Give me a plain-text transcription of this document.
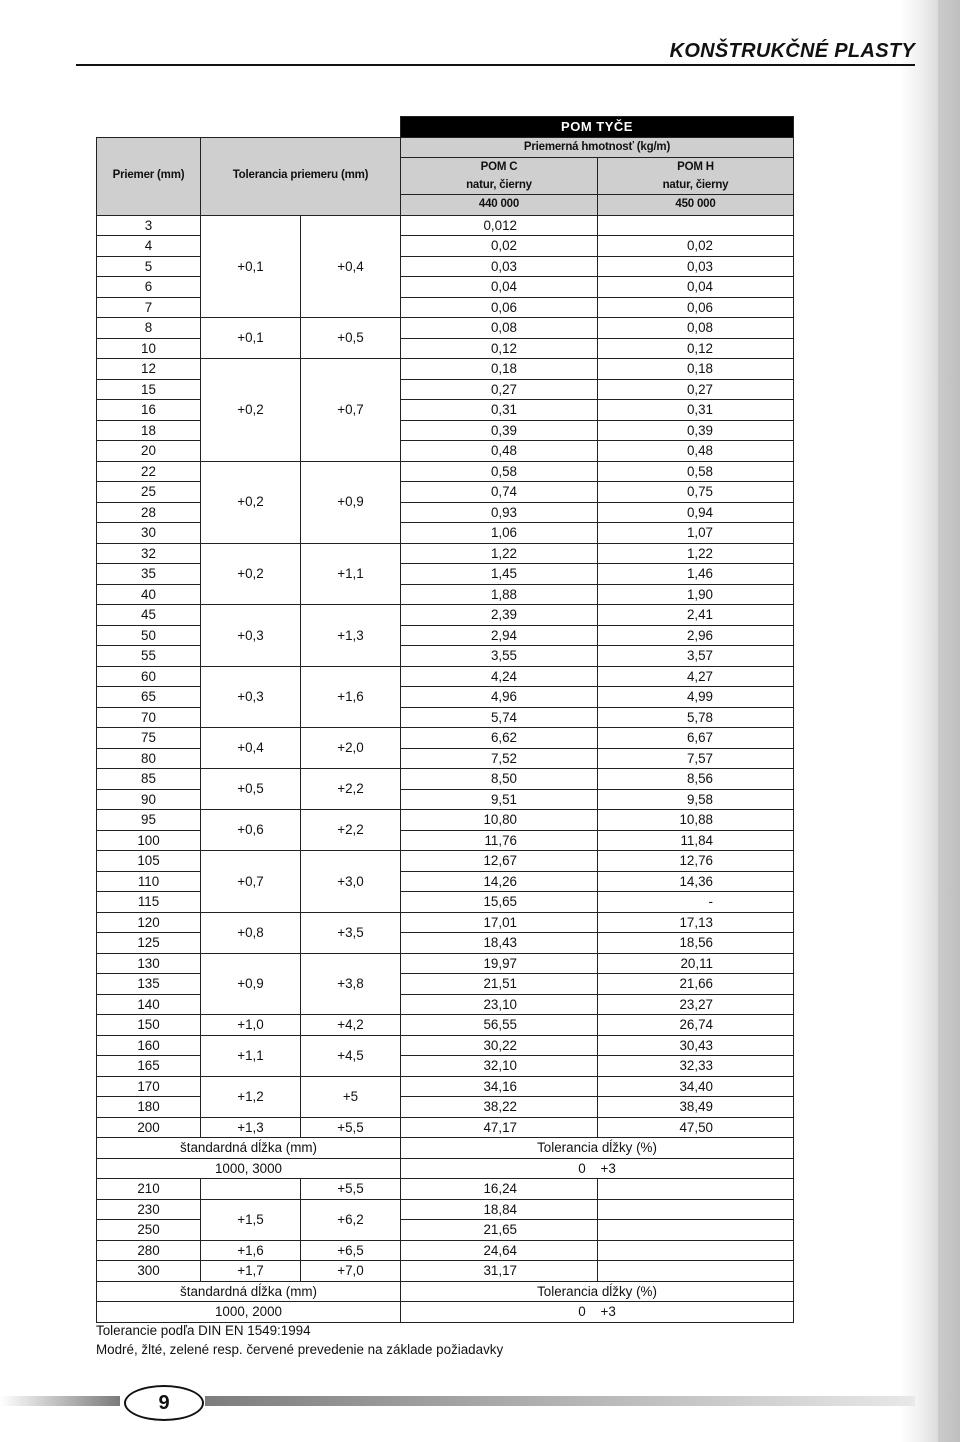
KONŠTRUKČNÉ PLASTY
			POM TYČE	
Priemer (mm)	Tolerancia priemeru (mm)		Priemerná hmotnosť (kg/m)	
			POM C	POM H
			natur, čierny	natur, čierny
			440 000	450 000
3	+0,1	+0,4	0,012	
4			0,02	0,02
5			0,03	0,03
6			0,04	0,04
7			0,06	0,06
8	+0,1	+0,5	0,08	0,08
10			0,12	0,12
12	+0,2	+0,7	0,18	0,18
15			0,27	0,27
16			0,31	0,31
18			0,39	0,39
20			0,48	0,48
22	+0,2	+0,9	0,58	0,58
25			0,74	0,75
28			0,93	0,94
30			1,06	1,07
32	+0,2	+1,1	1,22	1,22
35			1,45	1,46
40			1,88	1,90
45	+0,3	+1,3	2,39	2,41
50			2,94	2,96
55			3,55	3,57
60	+0,3	+1,6	4,24	4,27
65			4,96	4,99
70			5,74	5,78
75	+0,4	+2,0	6,62	6,67
80			7,52	7,57
85	+0,5	+2,2	8,50	8,56
90			9,51	9,58
95	+0,6	+2,2	10,80	10,88
100			11,76	11,84
105	+0,7	+3,0	12,67	12,76
110			14,26	14,36
115			15,65	-
120	+0,8	+3,5	17,01	17,13
125			18,43	18,56
130	+0,9	+3,8	19,97	20,11
135			21,51	21,66
140			23,10	23,27
150	+1,0	+4,2	56,55	26,74
160	+1,1	+4,5	30,22	30,43
165			32,10	32,33
170	+1,2	+5	34,16	34,40
180			38,22	38,49
200	+1,3	+5,5	47,17	47,50
štandardná dĺžka (mm)			Tolerancia dĺžky (%)	
1000, 3000			0    +3	
210		+5,5	16,24	
230	+1,5	+6,2	18,84	
250			21,65	
280	+1,6	+6,5	24,64	
300	+1,7	+7,0	31,17	
štandardná dĺžka (mm)			Tolerancia dĺžky (%)	
1000, 2000			0    +3	
Tolerancie podľa DIN EN 1549:1994
Modré, žlté, zelené resp. červené prevedenie na základe požiadavky
9
